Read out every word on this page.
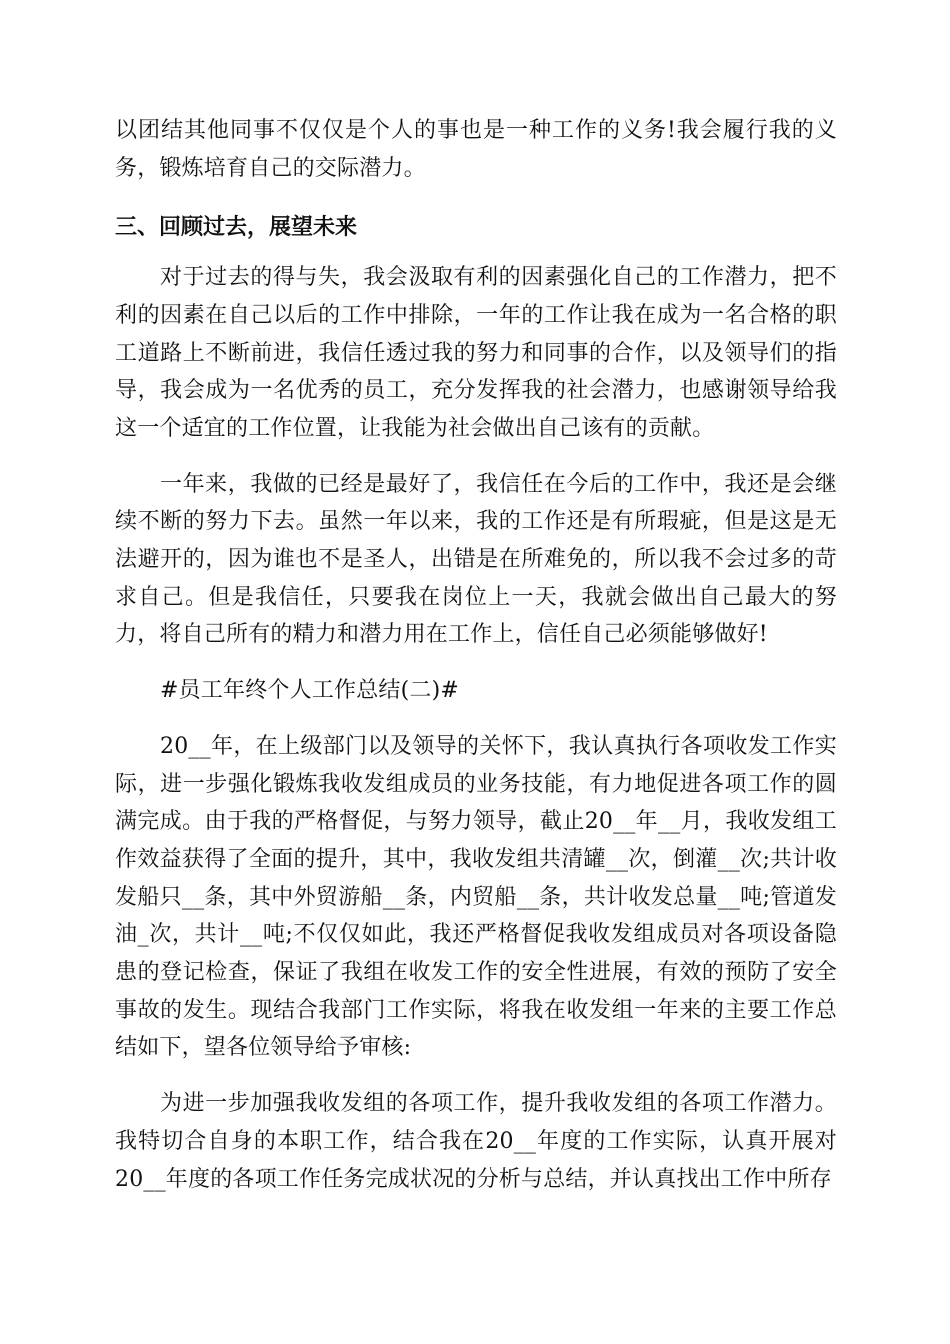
以团结其他同事不仅仅是个人的事也是一种工作的义务!我会履行我的义务，锻炼培育自己的交际潜力。

三、回顾过去，展望未来

对于过去的得与失，我会汲取有利的因素强化自己的工作潜力，把不利的因素在自己以后的工作中排除，一年的工作让我在成为一名合格的职工道路上不断前进，我信任透过我的努力和同事的合作，以及领导们的指导，我会成为一名优秀的员工，充分发挥我的社会潜力，也感谢领导给我这一个适宜的工作位置，让我能为社会做出自己该有的贡献。

一年来，我做的已经是最好了，我信任在今后的工作中，我还是会继续不断的努力下去。虽然一年以来，我的工作还是有所瑕疵，但是这是无法避开的，因为谁也不是圣人，出错是在所难免的，所以我不会过多的苛求自己。但是我信任，只要我在岗位上一天，我就会做出自己最大的努力，将自己所有的精力和潜力用在工作上，信任自己必须能够做好!

#员工年终个人工作总结(二)#

20__年，在上级部门以及领导的关怀下，我认真执行各项收发工作实际，进一步强化锻炼我收发组成员的业务技能，有力地促进各项工作的圆满完成。由于我的严格督促，与努力领导，截止20__年__月，我收发组工作效益获得了全面的提升，其中，我收发组共清罐__次，倒灌__次;共计收发船只__条，其中外贸游船__条，内贸船__条，共计收发总量__吨;管道发油_次，共计__吨;不仅仅如此，我还严格督促我收发组成员对各项设备隐患的登记检查，保证了我组在收发工作的安全性进展，有效的预防了安全事故的发生。现结合我部门工作实际，将我在收发组一年来的主要工作总结如下，望各位领导给予审核:

为进一步加强我收发组的各项工作，提升我收发组的各项工作潜力。我特切合自身的本职工作，结合我在20__年度的工作实际，认真开展对20__年度的各项工作任务完成状况的分析与总结，并认真找出工作中所存
